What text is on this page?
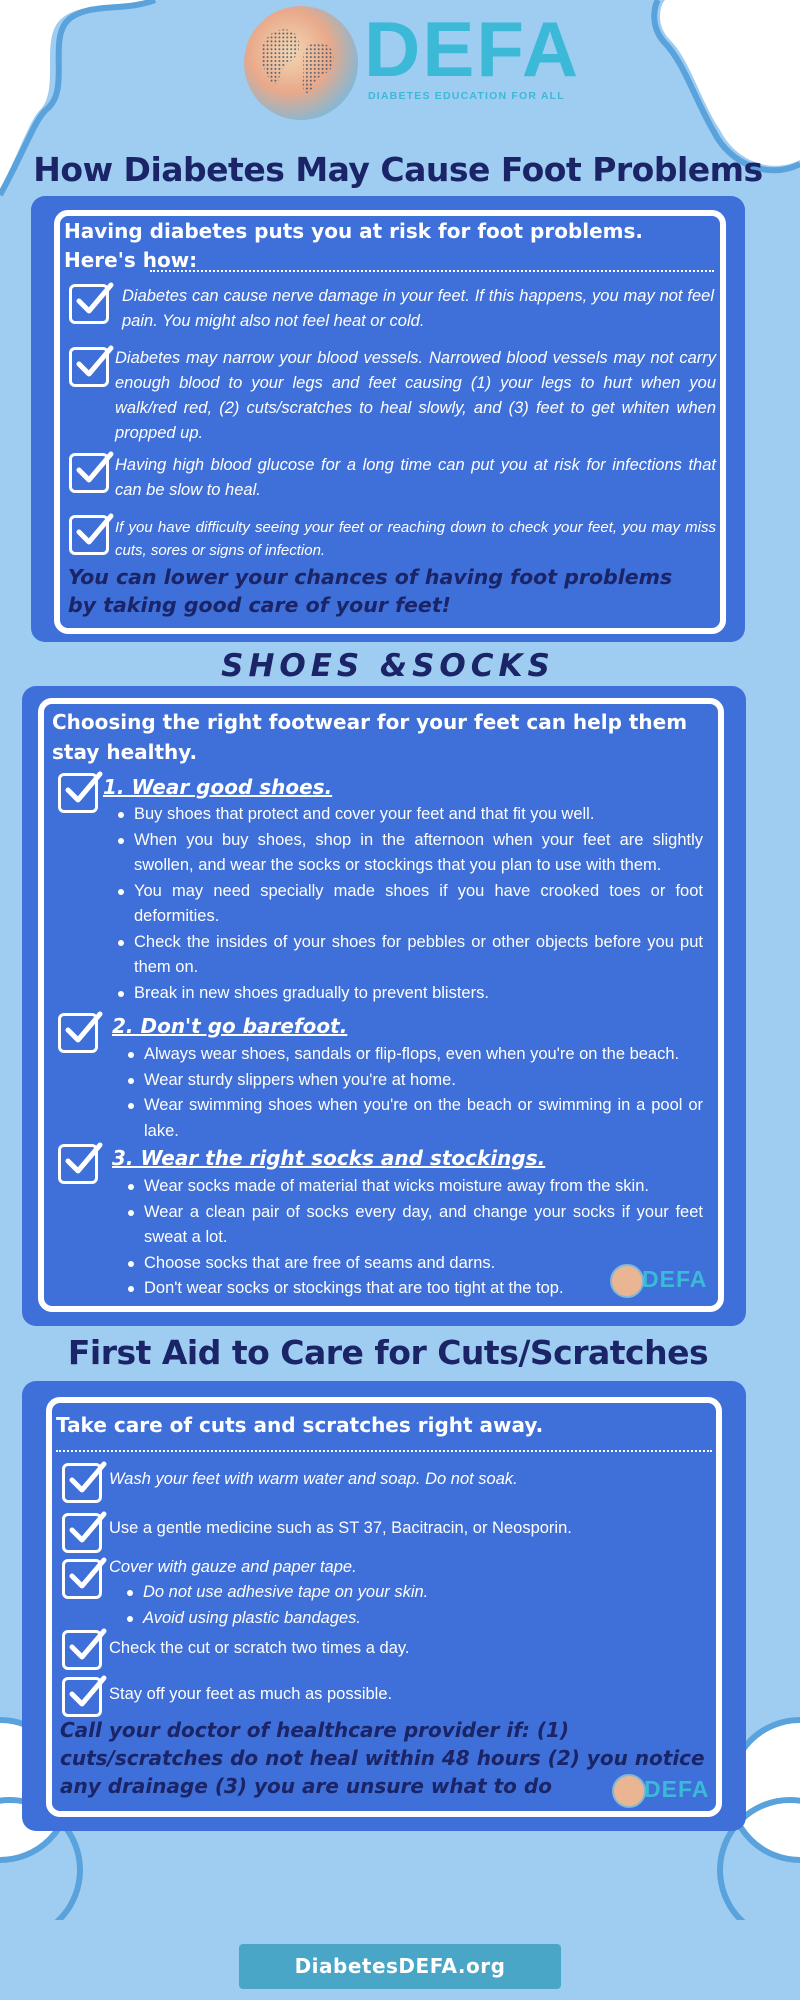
DEFA
DIABETES EDUCATION FOR ALL
How Diabetes May Cause Foot Problems
Having diabetes puts you at risk for foot problems.
Here's how:
Diabetes can cause nerve damage in your feet. If this happens, you may not feel pain. You might also not feel heat or cold.
Diabetes may narrow your blood vessels. Narrowed blood vessels may not carry enough blood to your legs and feet causing (1) your legs to hurt when you walk/red red, (2) cuts/scratches to heal slowly, and (3) feet to get whiten when propped up.
Having high blood glucose for a long time can put you at risk for infections that can be slow to heal.
If you have difficulty seeing your feet or reaching down to check your feet, you may miss cuts, sores or signs of infection.
You can lower your chances of having foot problems by taking good care of your feet!
SHOES &SOCKS
Choosing the right footwear for your feet can help them stay healthy.
1. Wear good shoes.
Buy shoes that protect and cover your feet and that fit you well.
When you buy shoes, shop in the afternoon when your feet are slightly swollen, and wear the socks or stockings that you plan to use with them.
You may need specially made shoes if you have crooked toes or foot deformities.
Check the insides of your shoes for pebbles or other objects before you put them on.
Break in new shoes gradually to prevent blisters.
2. Don't go barefoot.
Always wear shoes, sandals or flip-flops, even when you're on the beach.
Wear sturdy slippers when you're at home.
Wear swimming shoes when you're on the beach or swimming in a pool or lake.
3. Wear the right socks and stockings.
Wear socks made of material that wicks moisture away from the skin.
Wear a clean pair of socks every day, and change your socks if your feet sweat a lot.
Choose socks that are free of seams and darns.
Don't wear socks or stockings that are too tight at the top.	DEFA
First Aid to Care for Cuts/Scratches
Take care of cuts and scratches right away.
Wash your feet with warm water and soap. Do not soak.
Use a gentle medicine such as ST 37, Bacitracin, or Neosporin.
Cover with gauze and paper tape.
Do not use adhesive tape on your skin.
Avoid using plastic bandages.
Check the cut or scratch two times a day.
Stay off your feet as much as possible.
Call your doctor of healthcare provider if: (1) cuts/scratches do not heal within 48 hours (2) you notice any drainage (3) you are unsure what to do	DEFA
DiabetesDEFA.org
